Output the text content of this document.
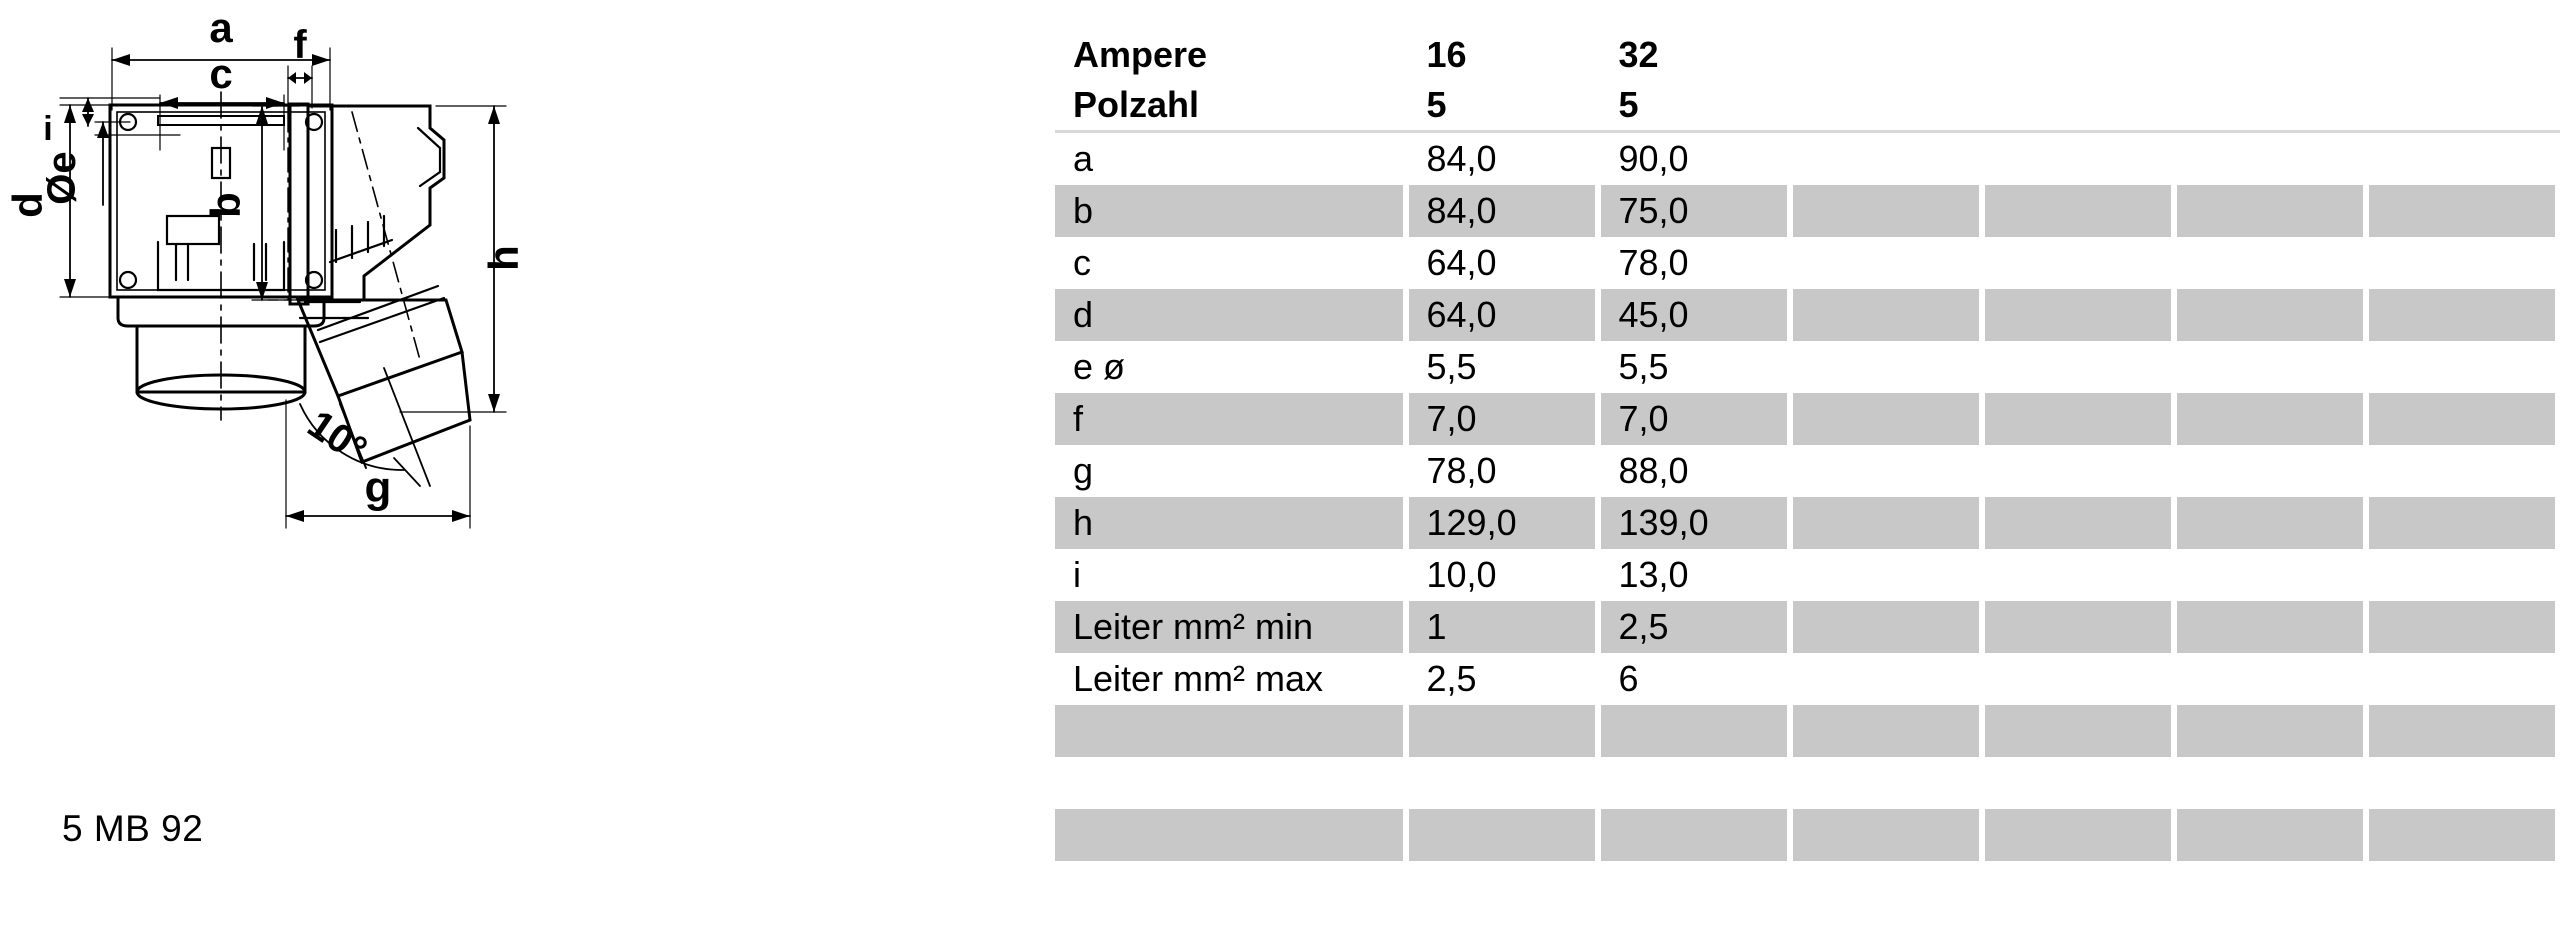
a
c
i
Øe
d
f
b
h
g
10°
5 MB 92
Ampere	16	32				
Polzahl	5	5				
a	84,0	90,0				
b	84,0	75,0				
c	64,0	78,0				
d	64,0	45,0				
e ø	5,5	5,5				
f	7,0	7,0				
g	78,0	88,0				
h	129,0	139,0				
i	10,0	13,0				
Leiter mm² min	1	2,5				
Leiter mm² max	2,5	6				
